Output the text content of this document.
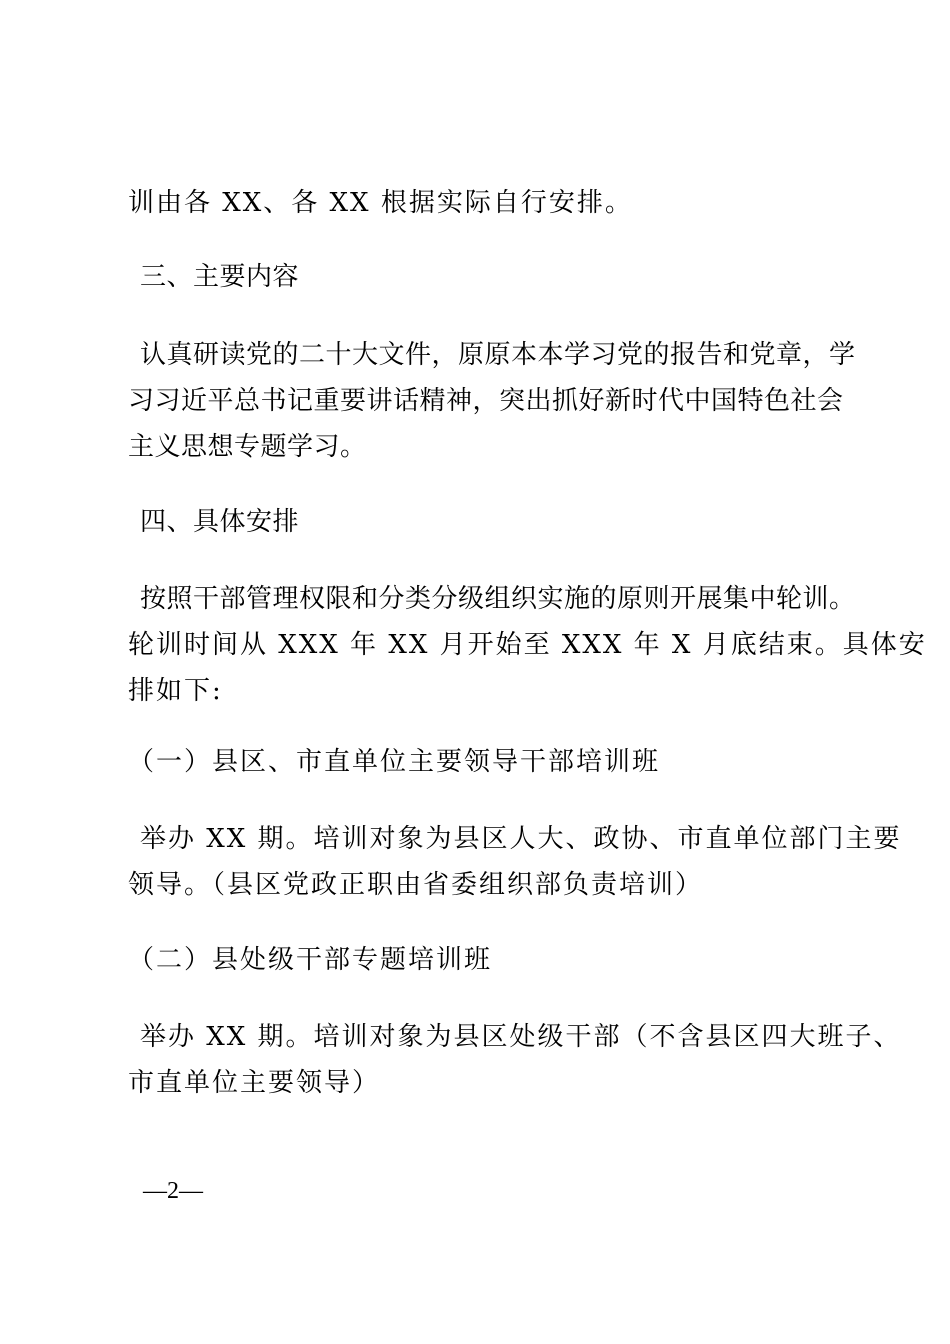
训由各 XX、各 XX 根据实际自行安排。
三、主要内容
认真研读党的二十大文件，原原本本学习党的报告和党章，学
习习近平总书记重要讲话精神，突出抓好新时代中国特色社会
主义思想专题学习。
四、具体安排
按照干部管理权限和分类分级组织实施的原则开展集中轮训。
轮训时间从 XXX 年 XX 月开始至 XXX 年 X 月底结束。具体安
排如下:
（一）县区、市直单位主要领导干部培训班
举办 XX 期。培训对象为县区人大、政协、市直单位部门主要
领导。（县区党政正职由省委组织部负责培训）
（二）县处级干部专题培训班
举办 XX 期。培训对象为县区处级干部（不含县区四大班子、
市直单位主要领导）
—2—
